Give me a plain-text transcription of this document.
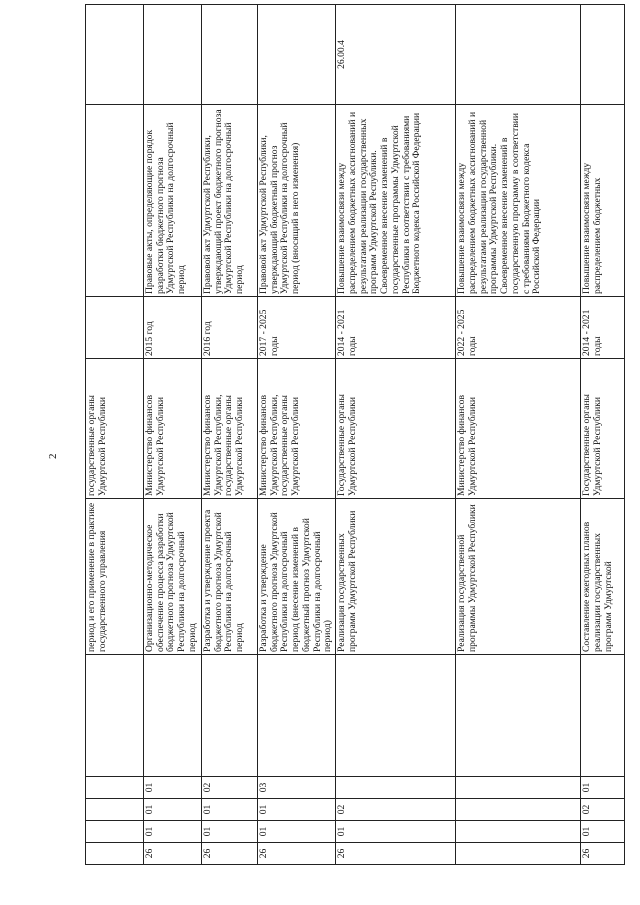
2
					период и его применение в практике государственного управления	государственные органы Удмуртской Республики			
26	01	01	01		Организационно-методическое обеспечение процесса разработки бюджетного прогноза Удмуртской Республики на долгосрочный период	Министерство финансов Удмуртской Республики	2015 год	Правовые акты, определяющие порядок разработки бюджетного прогноза Удмуртской Республики на долгосрочный период	
26	01	01	02		Разработка и утверждение проекта бюджетного прогноза Удмуртской Республики на долгосрочный период	Министерство финансов Удмуртской Республики, государственные органы Удмуртской Республики	2016 год	Правовой акт Удмуртской Республики, утверждающий проект бюджетного прогноза Удмуртской Республики на долгосрочный период	
26	01	01	03		Разработка и утверждение бюджетного прогноза Удмуртской Республики на долгосрочный период (внесение изменений в бюджетный прогноз Удмуртской Республики на долгосрочный период)	Министерство финансов Удмуртской Республики, государственные органы Удмуртской Республики	2017 - 2025 годы	Правовой акт Удмуртской Республики, утверждающий бюджетный прогноз Удмуртской Республики на долгосрочный период (вносящий в него изменения)	
26	01	02			Реализация государственных программ Удмуртской Республики	Государственные органы Удмуртской Республики	2014 - 2021 годы	Повышение взаимосвязи между распределением бюджетных ассигнований и результатами реализации государственных программ Удмуртской Республики. Своевременное внесение изменений в государственные программы Удмуртской Республики в соответствии с требованиями Бюджетного кодекса Российской Федерации	26.00.4
					Реализация государственной программы Удмуртской Республики	Министерство финансов Удмуртской Республики	2022 - 2025 годы	Повышение взаимосвязи между распределением бюджетных ассигнований и результатами реализации государственной программы Удмуртской Республики. Своевременное внесение изменений в государственную программу в соответствии с требованиями Бюджетного кодекса Российской Федерации	
26	01	02	01		Составление ежегодных планов реализации государственных программ Удмуртской	Государственные органы Удмуртской Республики	2014 - 2021 годы	Повышение взаимосвязи между распределением бюджетных	
